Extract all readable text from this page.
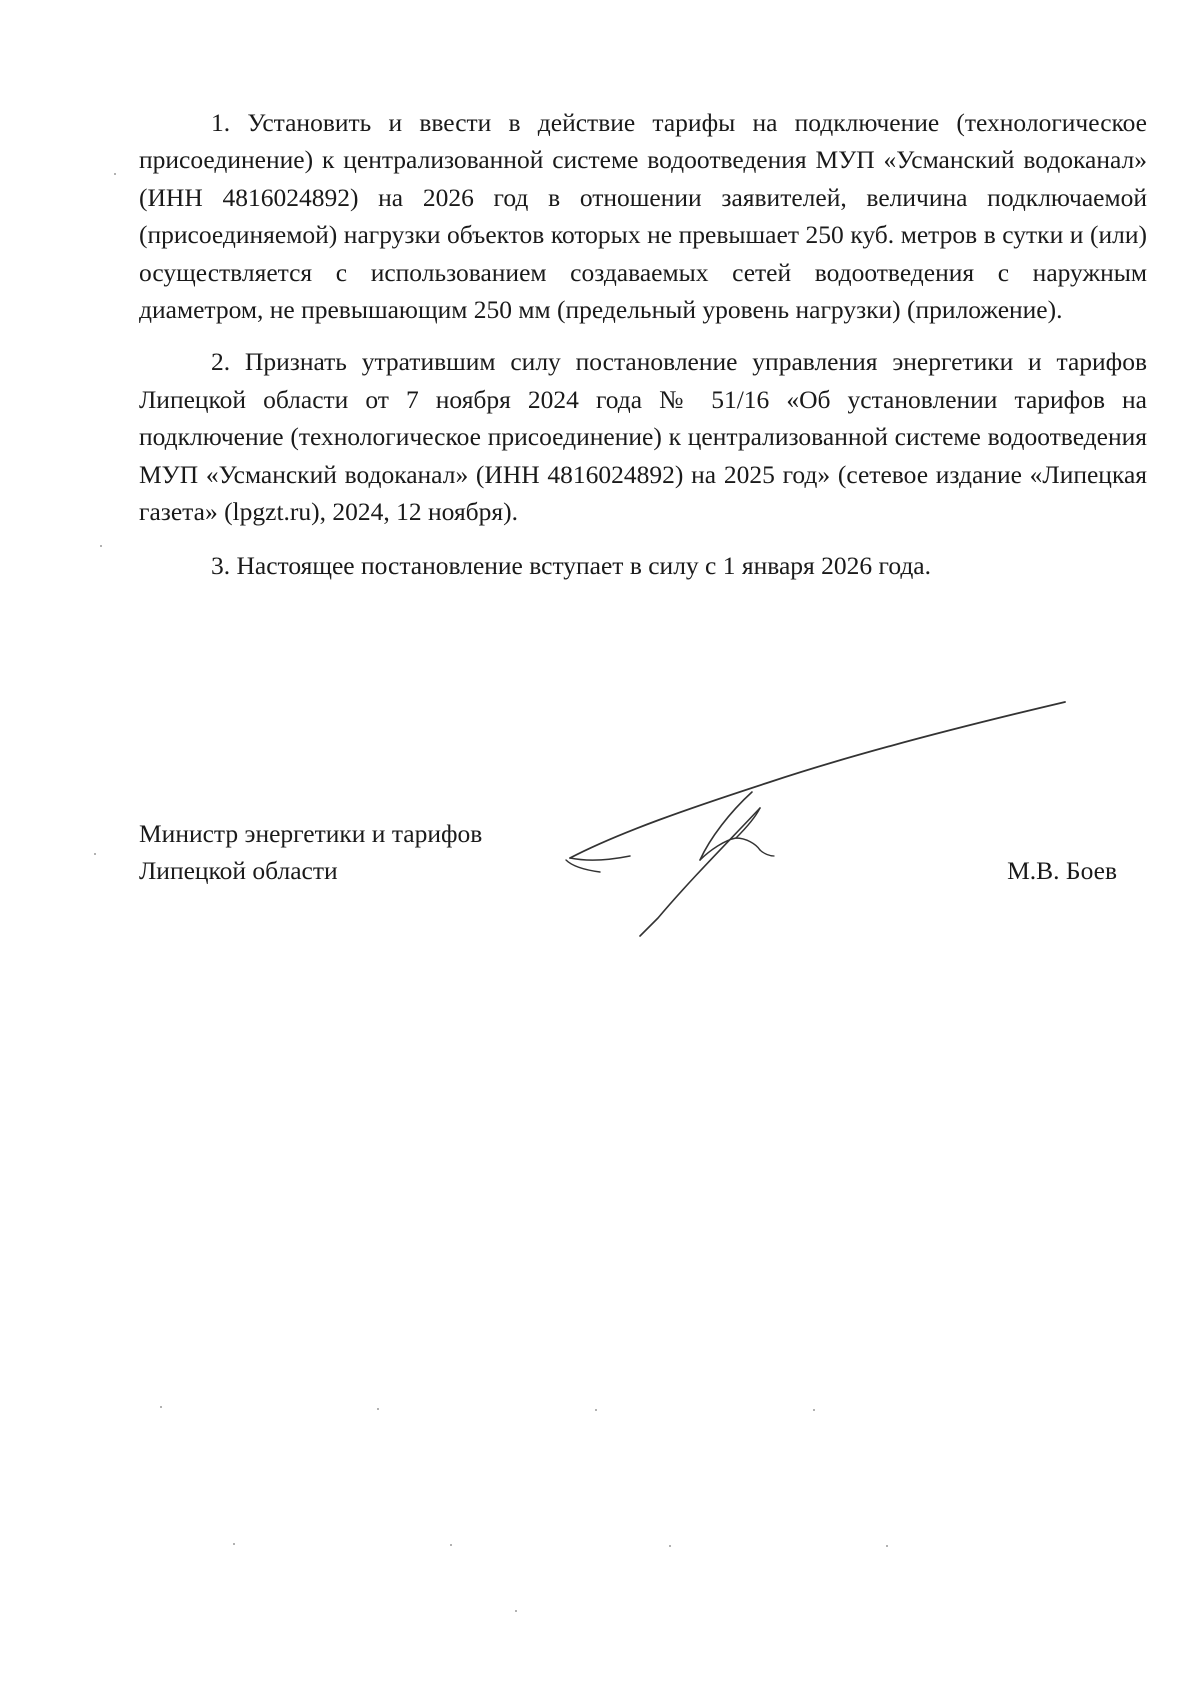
1. Установить и ввести в действие тарифы на подключение (технологическое присоединение) к централизованной системе водоотведения МУП «Усманский водоканал» (ИНН 4816024892) на 2026 год в отношении заявителей, величина подключаемой (присоединяемой) нагрузки объектов которых не превышает 250 куб. метров в сутки и (или) осуществляется с использованием создаваемых сетей водоотведения с наружным диаметром, не превышающим 250 мм (предельный уровень нагрузки) (приложение).

2. Признать утратившим силу постановление управления энергетики и тарифов Липецкой области от 7 ноября 2024 года № 51/16 «Об установлении тарифов на подключение (технологическое присоединение) к централизованной системе водоотведения МУП «Усманский водоканал» (ИНН 4816024892) на 2025 год» (сетевое издание «Липецкая газета» (lpgzt.ru), 2024, 12 ноября).

3. Настоящее постановление вступает в силу с 1 января 2026 года.

Министр энергетики и тарифов
Липецкой области	М.В. Боев
